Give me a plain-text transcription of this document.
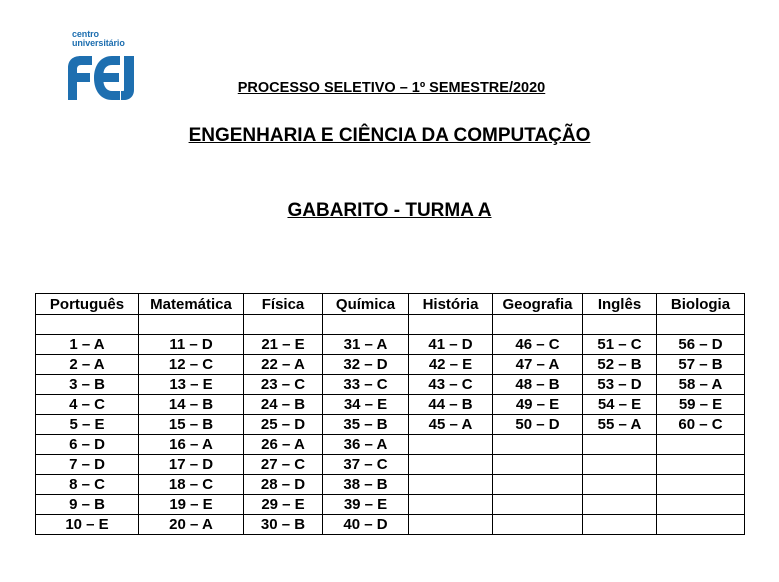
centro
universitário
PROCESSO SELETIVO – 1º SEMESTRE/2020
ENGENHARIA E CIÊNCIA DA COMPUTAÇÃO
GABARITO - TURMA A
Português	Matemática	Física	Química	História	Geografia	Inglês	Biologia

1 – A	11 – D	21 – E	31 – A	41 – D	46 – C	51 – C	56 – D
2 – A	12 – C	22 – A	32 – D	42 – E	47 – A	52 – B	57 – B
3 – B	13 – E	23 – C	33 – C	43 – C	48 – B	53 – D	58 – A
4 – C	14 – B	24 – B	34 – E	44 – B	49 – E	54 – E	59 – E
5 – E	15 – B	25 – D	35 – B	45 – A	50 – D	55 – A	60 – C
6 – D	16 – A	26 – A	36 – A				
7 – D	17 – D	27 – C	37 – C				
8 – C	18 – C	28 – D	38 – B				
9 – B	19 – E	29 – E	39 – E				
10 – E	20 – A	30 – B	40 – D				
